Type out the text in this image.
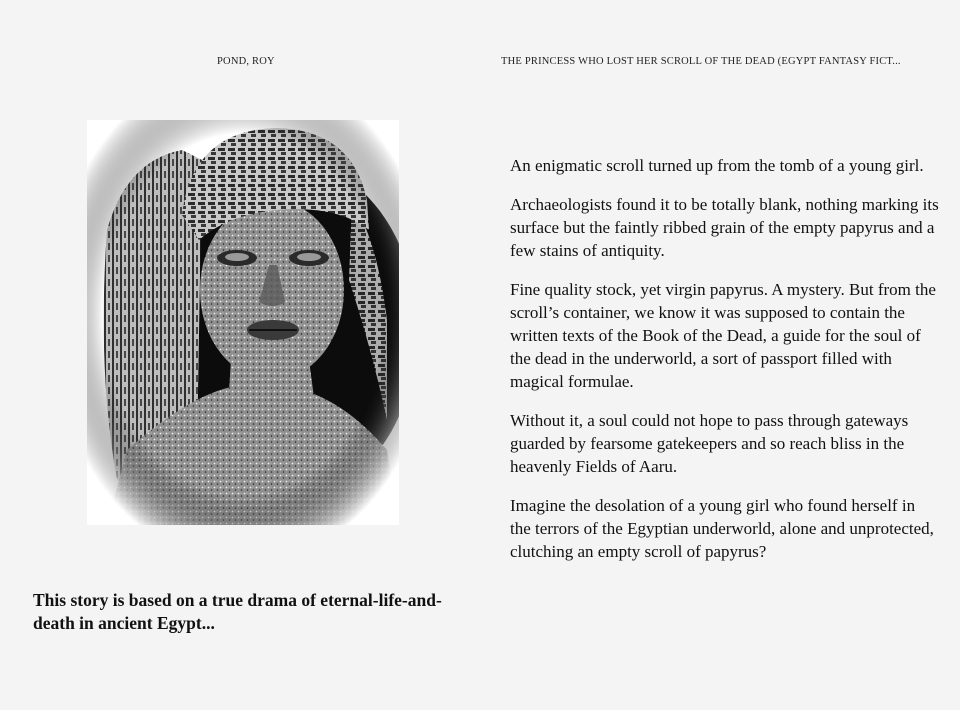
POND, ROY

This story is based on a true drama of eternal-life-and-death in ancient Egypt...

THE PRINCESS WHO LOST HER SCROLL OF THE DEAD (EGYPT FANTASY FICT...

An enigmatic scroll turned up from the tomb of a young girl.

Archaeologists found it to be totally blank, nothing marking its surface but the faintly ribbed grain of the empty papyrus and a few stains of antiquity.

Fine quality stock, yet virgin papyrus. A mystery. But from the scroll’s container, we know it was supposed to contain the written texts of the Book of the Dead, a guide for the soul of the dead in the underworld, a sort of passport filled with magical formulae.

Without it, a soul could not hope to pass through gateways guarded by fearsome gatekeepers and so reach bliss in the heavenly Fields of Aaru.

Imagine the desolation of a young girl who found herself in the terrors of the Egyptian underworld, alone and unprotected, clutching an empty scroll of papyrus?
